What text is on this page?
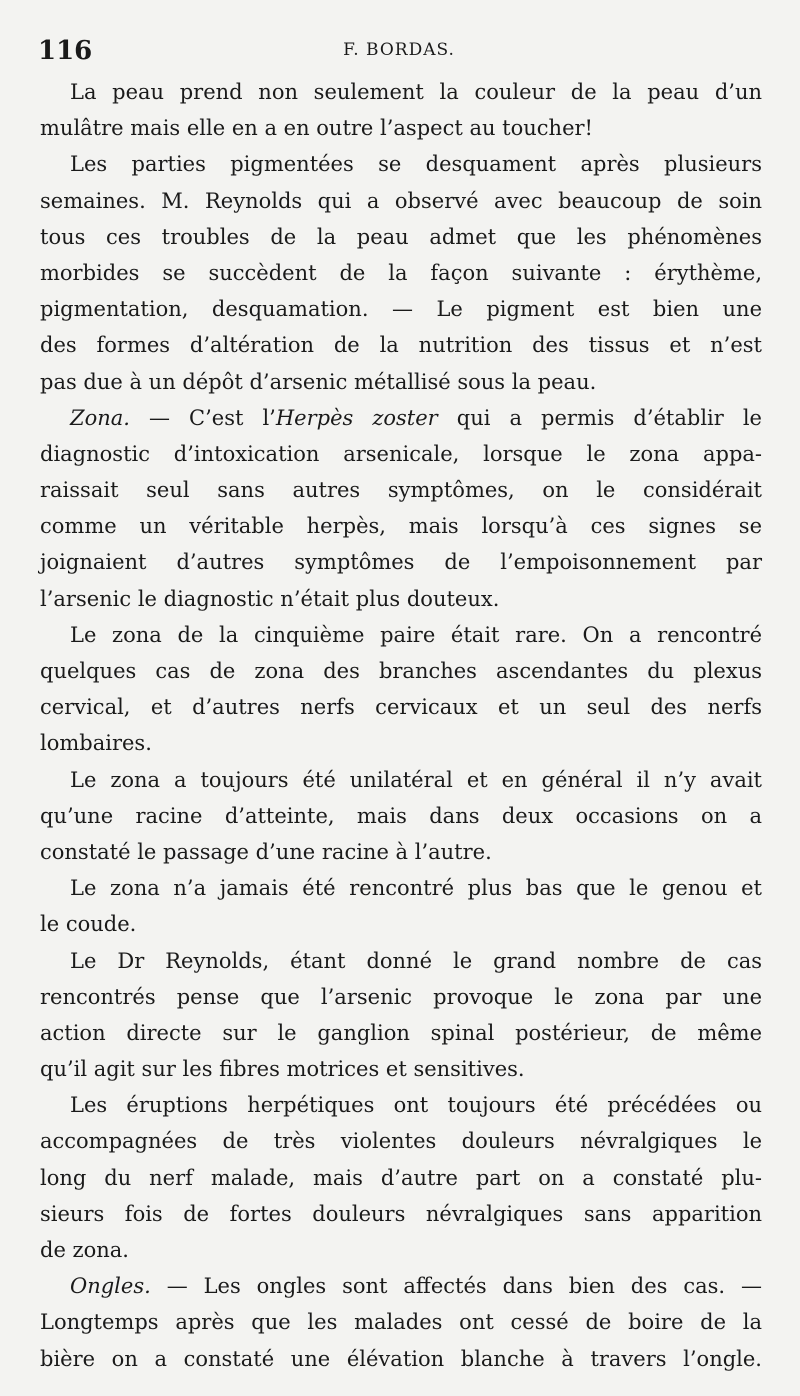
116	F. BORDAS.
La peau prend non seulement la couleur de la peau d’un
mulâtre mais elle en a en outre l’aspect au toucher!
Les parties pigmentées se desquament après plusieurs
semaines. M. Reynolds qui a observé avec beaucoup de soin
tous ces troubles de la peau admet que les phénomènes
morbides se succèdent de la façon suivante : érythème,
pigmentation, desquamation. — Le pigment est bien une
des formes d’altération de la nutrition des tissus et n’est
pas due à un dépôt d’arsenic métallisé sous la peau.
Zona. — C’est l’Herpès zoster qui a permis d’établir le
diagnostic d’intoxication arsenicale, lorsque le zona appa-
raissait seul sans autres symptômes, on le considérait
comme un véritable herpès, mais lorsqu’à ces signes se
joignaient d’autres symptômes de l’empoisonnement par
l’arsenic le diagnostic n’était plus douteux.
Le zona de la cinquième paire était rare. On a rencontré
quelques cas de zona des branches ascendantes du plexus
cervical, et d’autres nerfs cervicaux et un seul des nerfs
lombaires.
Le zona a toujours été unilatéral et en général il n’y avait
qu’une racine d’atteinte, mais dans deux occasions on a
constaté le passage d’une racine à l’autre.
Le zona n’a jamais été rencontré plus bas que le genou et
le coude.
Le Dr Reynolds, étant donné le grand nombre de cas
rencontrés pense que l’arsenic provoque le zona par une
action directe sur le ganglion spinal postérieur, de même
qu’il agit sur les fibres motrices et sensitives.
Les éruptions herpétiques ont toujours été précédées ou
accompagnées de très violentes douleurs névralgiques le
long du nerf malade, mais d’autre part on a constaté plu-
sieurs fois de fortes douleurs névralgiques sans apparition
de zona.
Ongles. — Les ongles sont affectés dans bien des cas. —
Longtemps après que les malades ont cessé de boire de la
bière on a constaté une élévation blanche à travers l’ongle.
